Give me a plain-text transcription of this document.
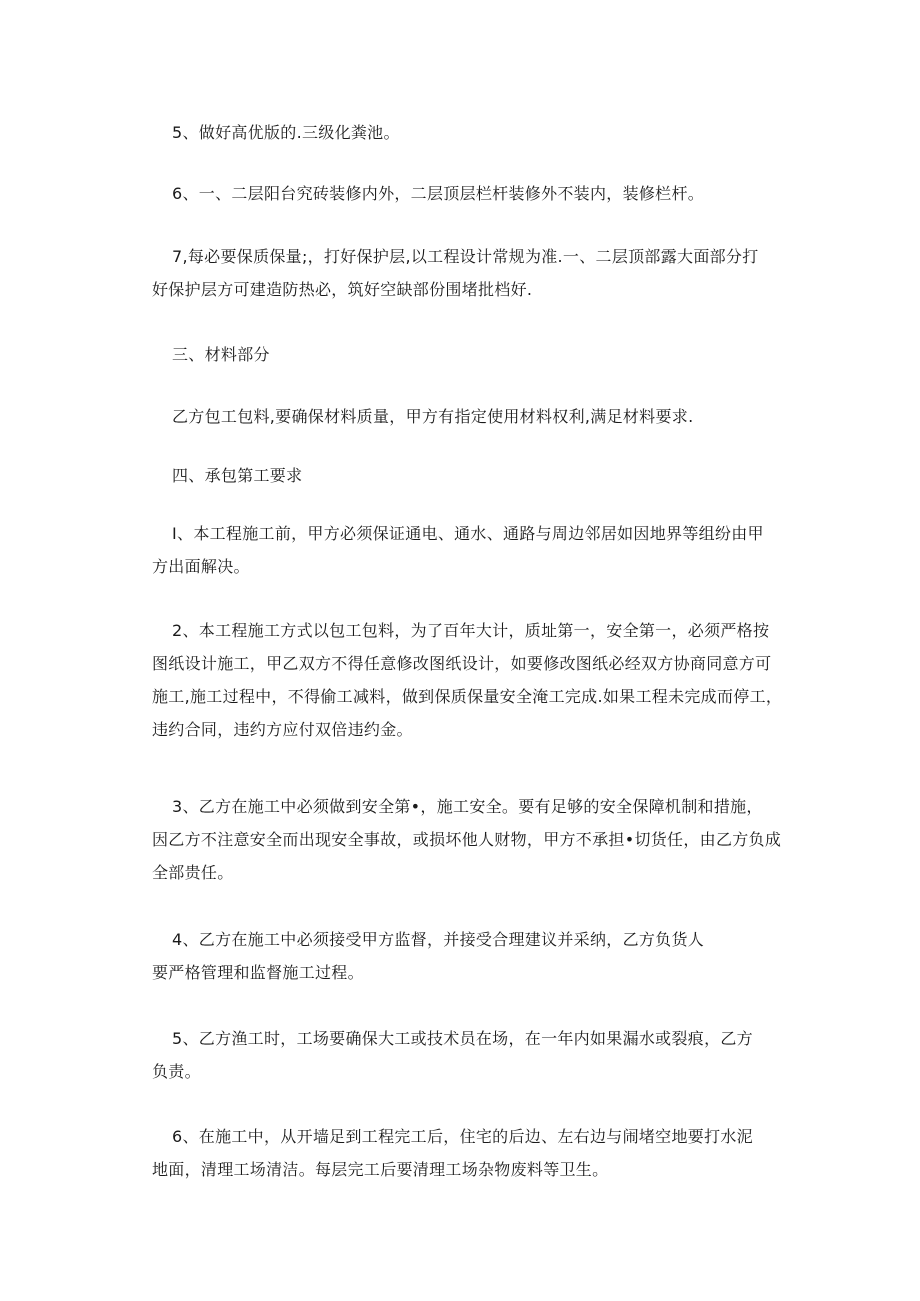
5、做好高优版的.三级化粪池。

6、一、二层阳台究砖装修内外，二层顶层栏杆装修外不装内，装修栏杆。

7,每必要保质保量;，打好保护层,以工程设计常规为准.一、二层顶部露大面部分打
好保护层方可建造防热必，筑好空缺部份围堵批档好.

三、材料部分

乙方包工包料,要确保材料质量，甲方有指定使用材料权利,满足材料要求.

四、承包第工要求

I、本工程施工前，甲方必须保证通电、通水、通路与周边邻居如因地界等组纷由甲
方出面解决。

2、本工程施工方式以包工包料，为了百年大计，质址第一，安全第一，必须严格按
图纸设计施工，甲乙双方不得任意修改图纸设计，如要修改图纸必经双方协商同意方可
施工,施工过程中，不得偷工减料，做到保质保量安全淹工完成.如果工程未完成而停工，
违约合同，违约方应付双倍违约金。

3、乙方在施工中必须做到安全第•，施工安全。要有足够的安全保障机制和措施，
因乙方不注意安全而出现安全事故，或损坏他人财物，甲方不承担•切货任，由乙方负成
全部贵任。

4、乙方在施工中必须接受甲方监督，并接受合理建议并采纳，乙方负货人
要严格管理和监督施工过程。

5、乙方渔工时，工场要确保大工或技术员在场，在一年内如果漏水或裂痕，乙方
负责。

6、在施工中，从开墙足到工程完工后，住宅的后边、左右边与闹堵空地要打水泥
地面，清理工场清洁。每层完工后要清理工场杂物废料等卫生。
